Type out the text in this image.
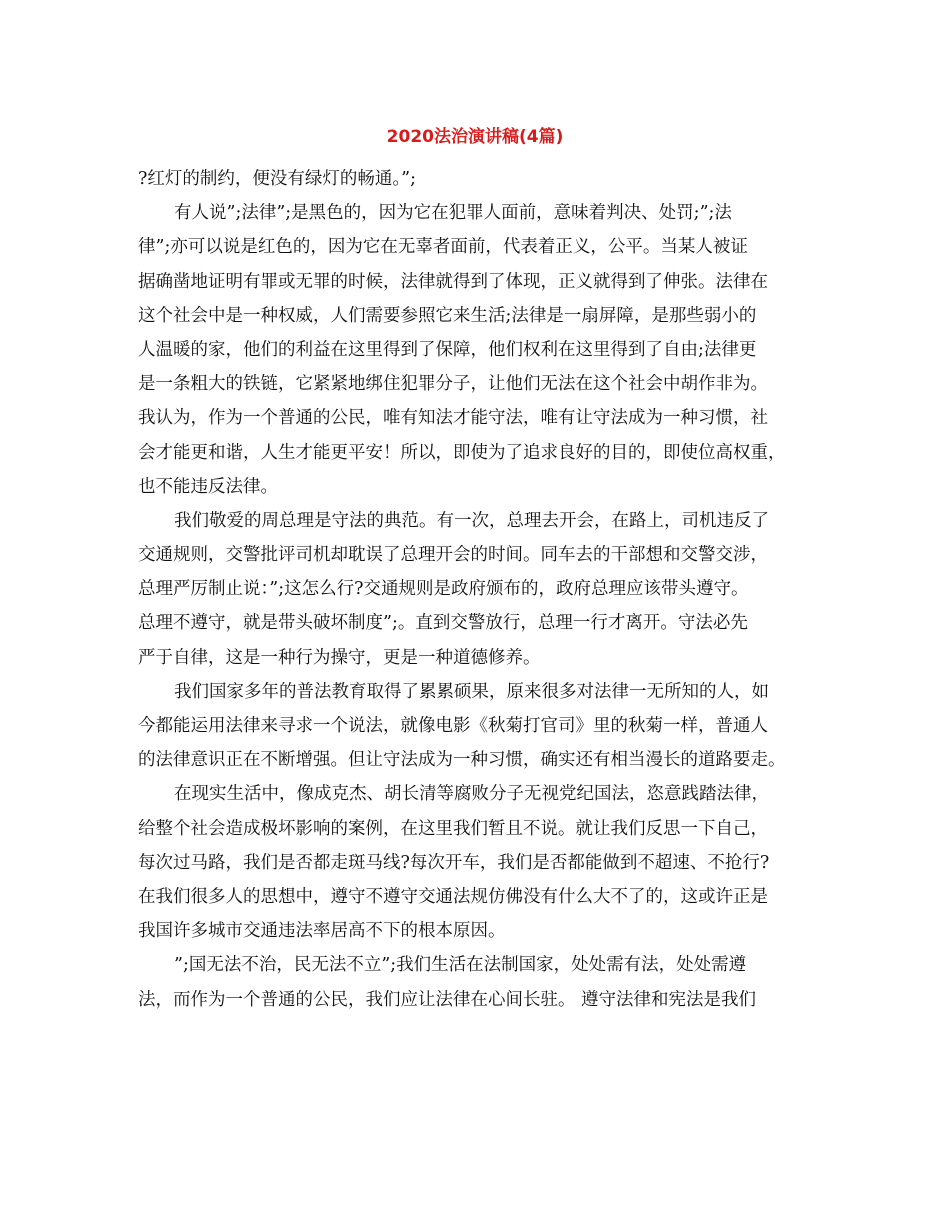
2020法治演讲稿(4篇)
?红灯的制约，便没有绿灯的畅通。”;
有人说”;法律”;是黑色的，因为它在犯罪人面前，意味着判决、处罚;”;法
律”;亦可以说是红色的，因为它在无辜者面前，代表着正义，公平。当某人被证
据确凿地证明有罪或无罪的时候，法律就得到了体现，正义就得到了伸张。法律在
这个社会中是一种权威，人们需要参照它来生活;法律是一扇屏障，是那些弱小的
人温暖的家，他们的利益在这里得到了保障，他们权利在这里得到了自由;法律更
是一条粗大的铁链，它紧紧地绑住犯罪分子，让他们无法在这个社会中胡作非为。
我认为，作为一个普通的公民，唯有知法才能守法，唯有让守法成为一种习惯，社
会才能更和谐，人生才能更平安！所以，即使为了追求良好的目的，即使位高权重，
也不能违反法律。
我们敬爱的周总理是守法的典范。有一次，总理去开会，在路上，司机违反了
交通规则，交警批评司机却耽误了总理开会的时间。同车去的干部想和交警交涉，
总理严厉制止说：”;这怎么行?交通规则是政府颁布的，政府总理应该带头遵守。
总理不遵守，就是带头破坏制度”;。直到交警放行，总理一行才离开。守法必先
严于自律，这是一种行为操守，更是一种道德修养。
我们国家多年的普法教育取得了累累硕果，原来很多对法律一无所知的人，如
今都能运用法律来寻求一个说法，就像电影《秋菊打官司》里的秋菊一样，普通人
的法律意识正在不断增强。但让守法成为一种习惯，确实还有相当漫长的道路要走。
在现实生活中，像成克杰、胡长清等腐败分子无视党纪国法，恣意践踏法律，
给整个社会造成极坏影响的案例，在这里我们暂且不说。就让我们反思一下自己，
每次过马路，我们是否都走斑马线?每次开车，我们是否都能做到不超速、不抢行?
在我们很多人的思想中，遵守不遵守交通法规仿佛没有什么大不了的，这或许正是
我国许多城市交通违法率居高不下的根本原因。
”;国无法不治，民无法不立”;我们生活在法制国家，处处需有法，处处需遵
法，而作为一个普通的公民，我们应让法律在心间长驻。 遵守法律和宪法是我们
